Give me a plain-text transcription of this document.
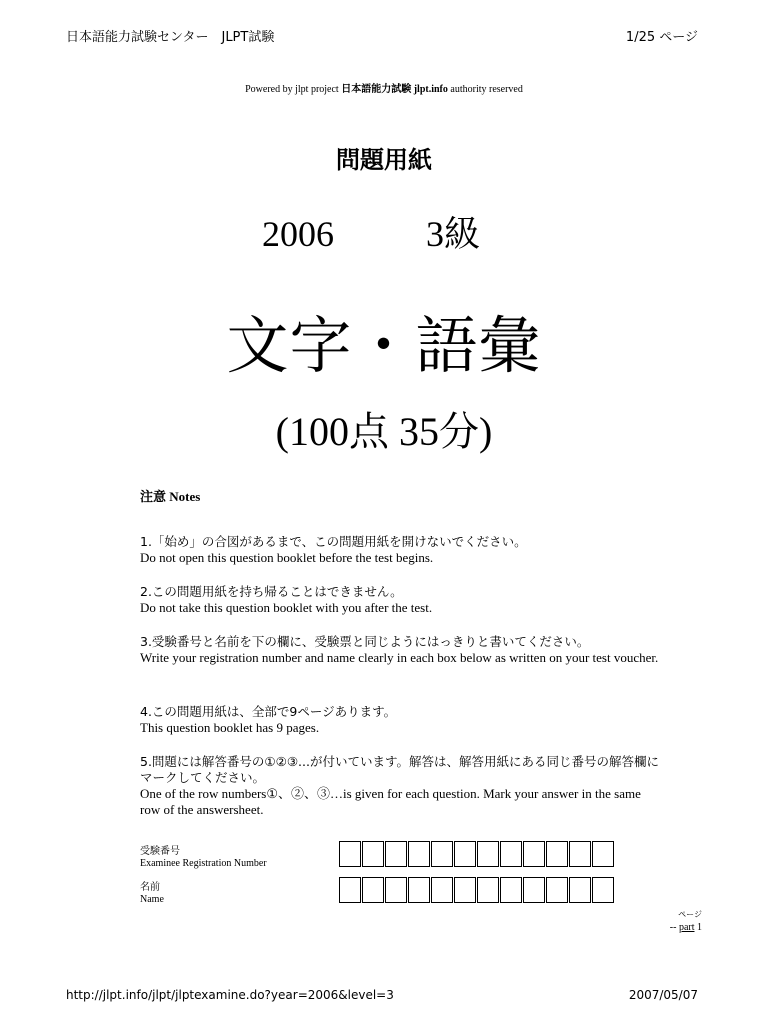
日本語能力試験センター　JLPT試験	1/25 ページ
Powered by jlpt project 日本語能力試験 jlpt.info authority reserved
問題用紙
2006	3級
文字・語彙
(100点 35分)
注意 Notes
1.「始め」の合図があるまで、この問題用紙を開けないでください。
Do not open this question booklet before the test begins.
2.この問題用紙を持ち帰ることはできません。
Do not take this question booklet with you after the test.
3.受験番号と名前を下の欄に、受験票と同じようにはっきりと書いてください。
Write your registration number and name clearly in each box below as written on your test voucher.
4.この問題用紙は、全部で9ページあります。
This question booklet has 9 pages.
5.問題には解答番号の①②③...が付いています。解答は、解答用紙にある同じ番号の解答欄にマークしてください。
One of the row numbers①、②、③…is given for each question. Mark your answer in the same row of the answersheet.
受験番号
Examinee Registration Number
名前
Name
ページ
-- part 1
http://jlpt.info/jlpt/jlptexamine.do?year=2006&level=3	2007/05/07
